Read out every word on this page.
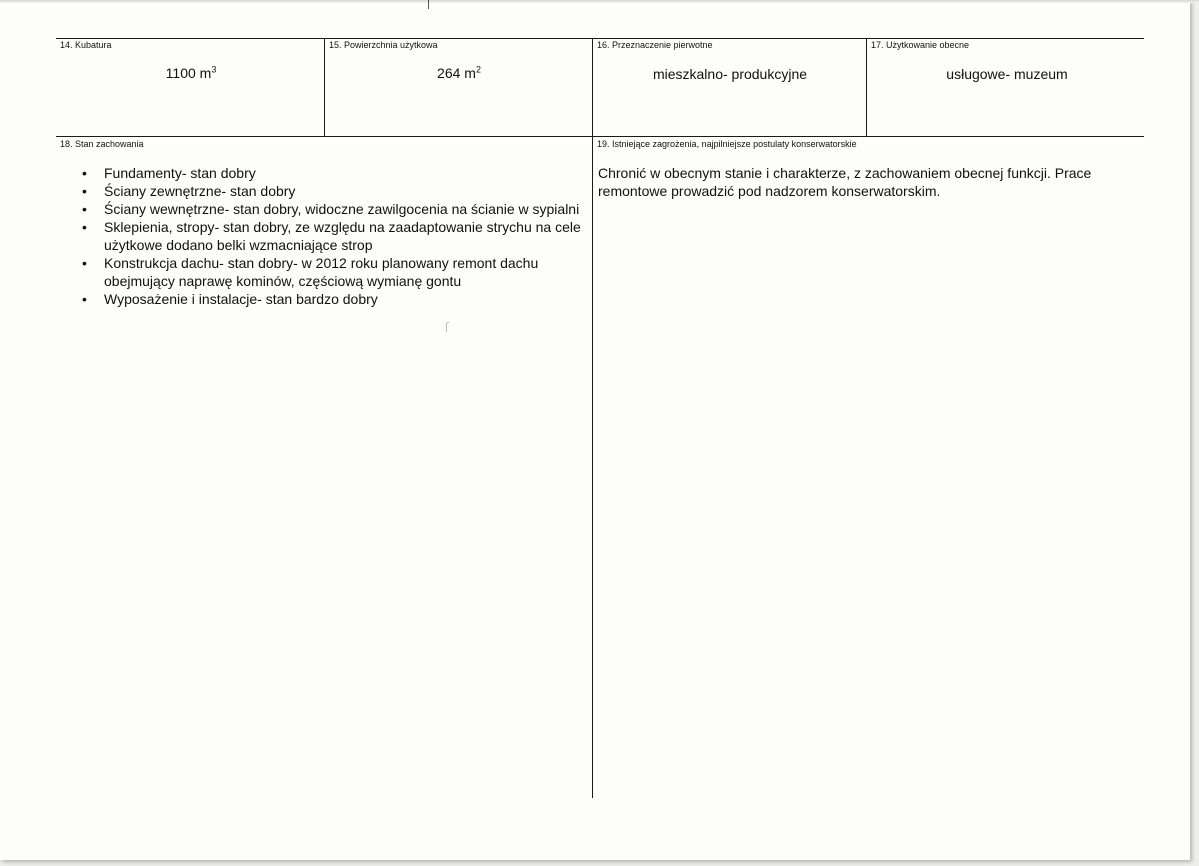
14. Kubatura
1100 $m^3$
15. Powierzchnia użytkowa
264 $m^2$
16. Przeznaczenie pierwotne
mieszkalno- produkcyjne
17. Użytkowanie obecne
usługowe- muzeum
18. Stan zachowania
• Fundamenty- stan dobry
• Ściany zewnętrzne- stan dobry
• Ściany wewnętrzne- stan dobry, widoczne zawilgocenia na ścianie w sypialni
• Sklepienia, stropy- stan dobry, ze względu na zaadaptowanie strychu na cele użytkowe dodano belki wzmacniające strop
• Konstrukcja dachu- stan dobry- w 2012 roku planowany remont dachu obejmujący naprawę kominów, częściową wymianę gontu
• Wyposażenie i instalacje- stan bardzo dobry
19. Istniejące zagrożenia, najpilniejsze postulaty konserwatorskie
Chronić w obecnym stanie i charakterze, z zachowaniem obecnej funkcji. Prace remontowe prowadzić pod nadzorem konserwatorskim.
